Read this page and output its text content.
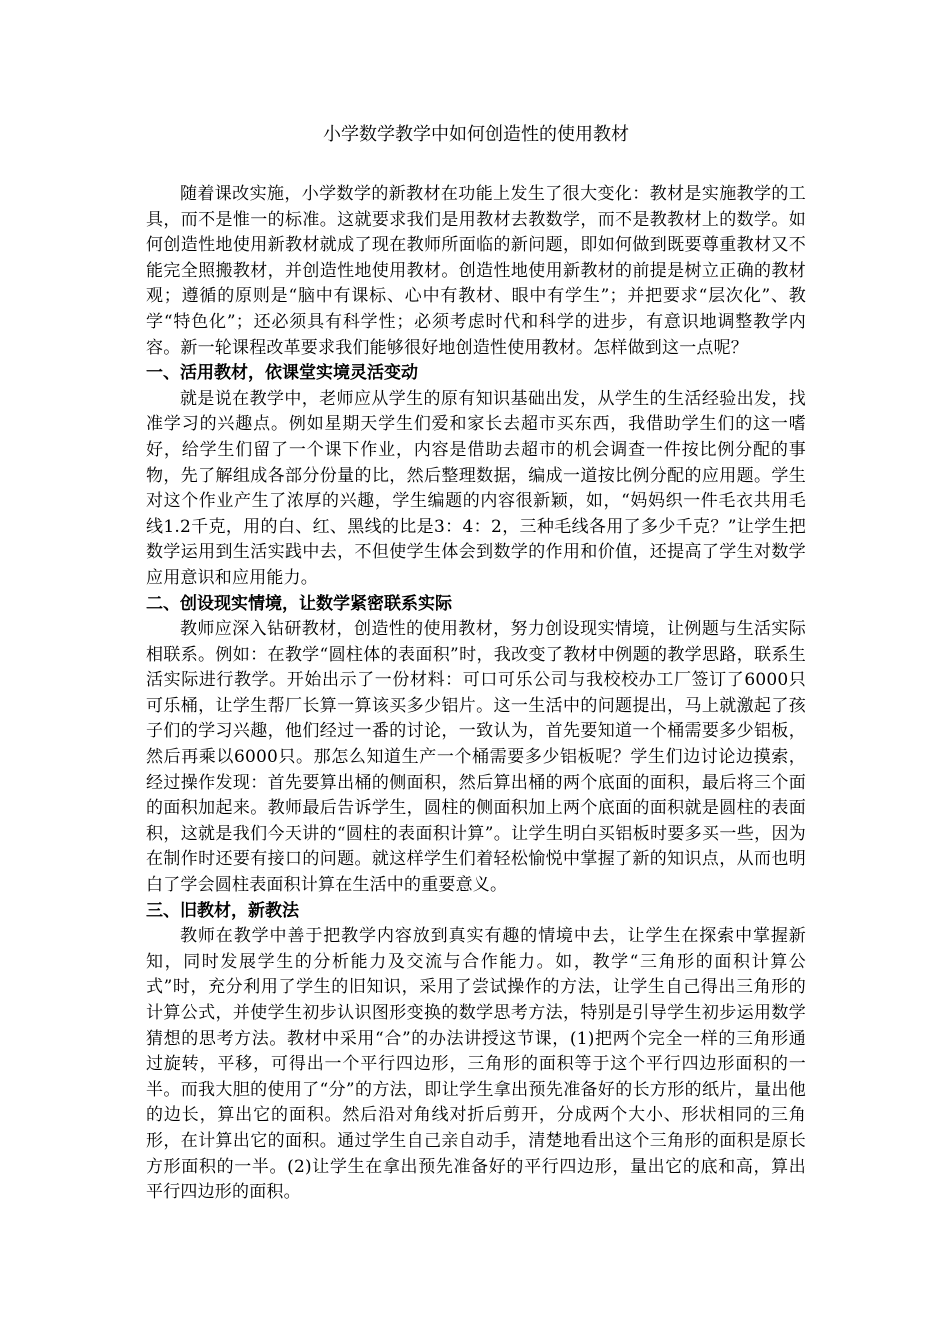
小学数学教学中如何创造性的使用教材

随着课改实施，小学数学的新教材在功能上发生了很大变化：教材是实施教学的工具，而不是惟一的标准。这就要求我们是用教材去教数学，而不是教教材上的数学。如何创造性地使用新教材就成了现在教师所面临的新问题，即如何做到既要尊重教材又不能完全照搬教材，并创造性地使用教材。创造性地使用新教材的前提是树立正确的教材观；遵循的原则是“脑中有课标、心中有教材、眼中有学生”；并把要求“层次化”、教学“特色化”；还必须具有科学性；必须考虑时代和科学的进步，有意识地调整教学内容。新一轮课程改革要求我们能够很好地创造性使用教材。怎样做到这一点呢？

一、活用教材，依课堂实境灵活变动

就是说在教学中，老师应从学生的原有知识基础出发，从学生的生活经验出发，找准学习的兴趣点。例如星期天学生们爱和家长去超市买东西，我借助学生们的这一嗜好，给学生们留了一个课下作业，内容是借助去超市的机会调查一件按比例分配的事物，先了解组成各部分份量的比，然后整理数据，编成一道按比例分配的应用题。学生对这个作业产生了浓厚的兴趣，学生编题的内容很新颖，如，“妈妈织一件毛衣共用毛线1.2千克，用的白、红、黑线的比是3：4：2，三种毛线各用了多少千克？”让学生把数学运用到生活实践中去，不但使学生体会到数学的作用和价值，还提高了学生对数学应用意识和应用能力。

二、创设现实情境，让数学紧密联系实际

教师应深入钻研教材，创造性的使用教材，努力创设现实情境，让例题与生活实际相联系。例如：在教学“圆柱体的表面积”时，我改变了教材中例题的教学思路，联系生活实际进行教学。开始出示了一份材料：可口可乐公司与我校校办工厂签订了6000只可乐桶，让学生帮厂长算一算该买多少铝片。这一生活中的问题提出，马上就激起了孩子们的学习兴趣，他们经过一番的讨论，一致认为，首先要知道一个桶需要多少铝板，然后再乘以6000只。那怎么知道生产一个桶需要多少铝板呢？学生们边讨论边摸索，经过操作发现：首先要算出桶的侧面积，然后算出桶的两个底面的面积，最后将三个面的面积加起来。教师最后告诉学生，圆柱的侧面积加上两个底面的面积就是圆柱的表面积，这就是我们今天讲的“圆柱的表面积计算”。让学生明白买铝板时要多买一些，因为在制作时还要有接口的问题。就这样学生们着轻松愉悦中掌握了新的知识点，从而也明白了学会圆柱表面积计算在生活中的重要意义。

三、旧教材，新教法

教师在教学中善于把教学内容放到真实有趣的情境中去，让学生在探索中掌握新知，同时发展学生的分析能力及交流与合作能力。如，教学“三角形的面积计算公式”时，充分利用了学生的旧知识，采用了尝试操作的方法，让学生自己得出三角形的计算公式，并使学生初步认识图形变换的数学思考方法，特别是引导学生初步运用数学猜想的思考方法。教材中采用“合”的办法讲授这节课，(1)把两个完全一样的三角形通过旋转，平移，可得出一个平行四边形，三角形的面积等于这个平行四边形面积的一半。而我大胆的使用了“分”的方法，即让学生拿出预先准备好的长方形的纸片，量出他的边长，算出它的面积。然后沿对角线对折后剪开，分成两个大小、形状相同的三角形，在计算出它的面积。通过学生自己亲自动手，清楚地看出这个三角形的面积是原长方形面积的一半。(2)让学生在拿出预先准备好的平行四边形，量出它的底和高，算出平行四边形的面积。
